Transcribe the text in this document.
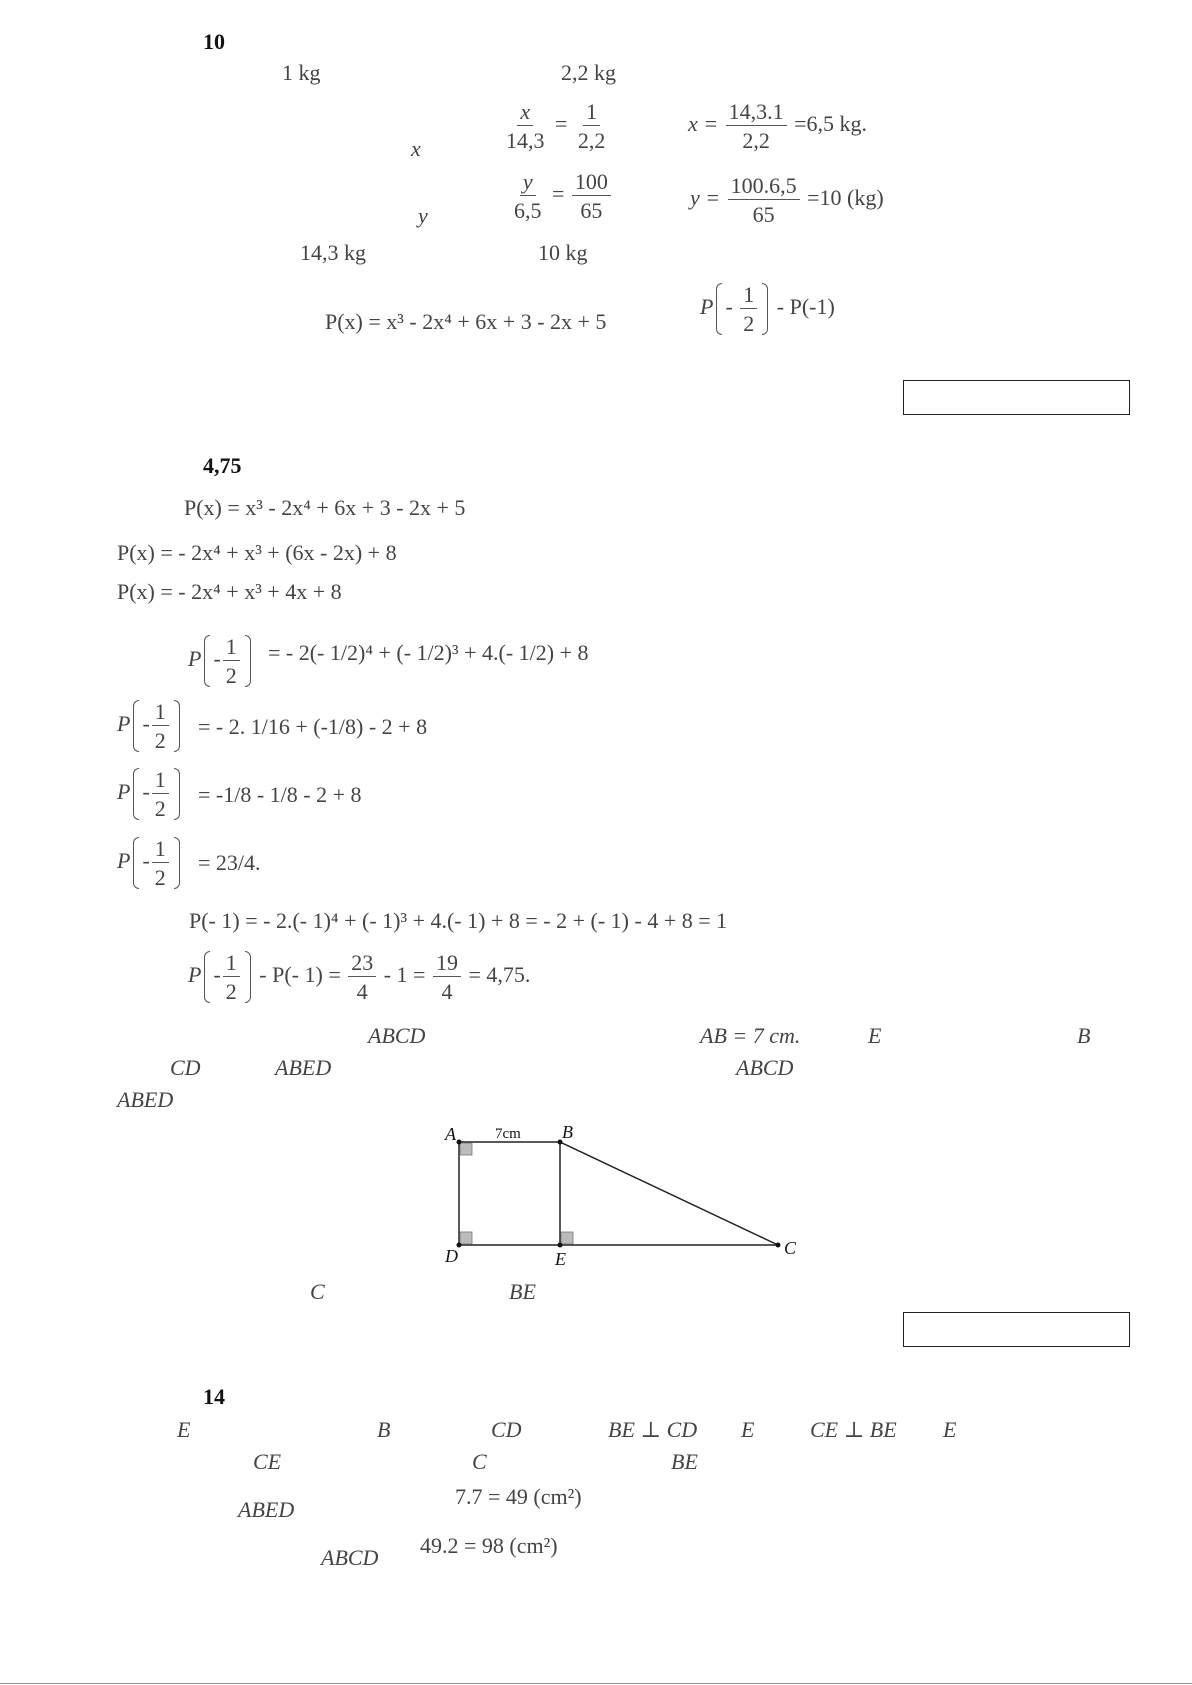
10
1 kg	2,2 kg
x	$\frac{x}{14,3} = \frac{1}{2,2}$	$x = \frac{14,3.1}{2,2} =6,5$ kg.
y	$\frac{y}{6,5} = \frac{100}{65}$	$y = \frac{100.6,5}{65} =10$ (kg)
14,3 kg	10 kg
P(x) = x³ - 2x⁴ + 6x + 3 - 2x + 5
P - $\frac{1}{2} - P(-1)$
4,75
P(x) = x³ - 2x⁴ + 6x + 3 - 2x + 5
P(x) = - 2x⁴ + x³ + (6x - 2x) + 8
P(x) = - 2x⁴ + x³ + 4x + 8
P - $\frac{1}{2}$ = - 2(- 1/2)⁴ + (- 1/2)³ + 4.(- 1/2) + 8
P - $\frac{1}{2}$ = - 2. 1/16 + (-1/8) - 2 + 8
$P - \frac{1}{2} = -1/8 - 1/8 - 2 + 8$
$P - \frac{1}{2} = 23/4$.
P(- 1) = - 2.(- 1)⁴ + (- 1)³ + 4.(- 1) + 8 = - 2 + (- 1) - 4 + 8 = 1
P - $\frac{1}{2} - P(-$ $1) = \frac{23}{4} - 1 = \frac{19}{4} = 4,75$.
ABCD	AB = 7 cm.	E	B
CD	ABED	ABCD
ABED
A	B
C
D	E
7cm
C	BE
14
E	B	CD	BE ⊥ CD E	CE ⊥ BE E
CE	C	BE
ABED
7.7 = 49 (cm²)
ABCD 49.2 = 98 (cm²)
